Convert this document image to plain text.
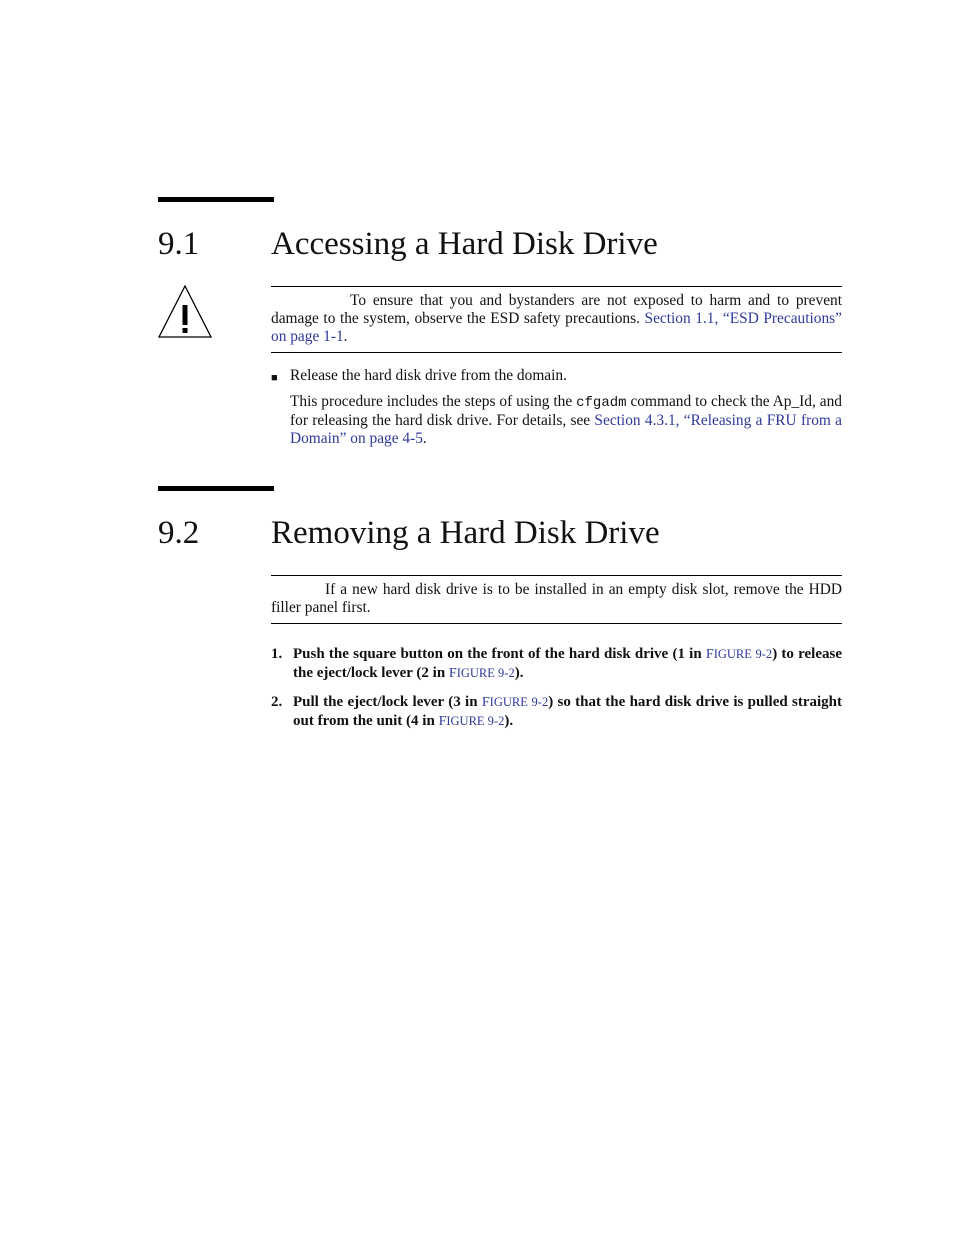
9.1 Accessing a Hard Disk Drive
To ensure that you and bystanders are not exposed to harm and to prevent damage to the system, observe the ESD safety precautions. Section 1.1, “ESD Precautions” on page 1-1.
■ Release the hard disk drive from the domain.
This procedure includes the steps of using the cfgadm command to check the Ap_Id, and for releasing the hard disk drive. For details, see Section 4.3.1, “Releasing a FRU from a Domain” on page 4-5.
9.2 Removing a Hard Disk Drive
If a new hard disk drive is to be installed in an empty disk slot, remove the HDD filler panel first.
1. Push the square button on the front of the hard disk drive (1 in FIGURE 9-2) to release the eject/lock lever (2 in FIGURE 9-2).
2. Pull the eject/lock lever (3 in FIGURE 9-2) so that the hard disk drive is pulled straight out from the unit (4 in FIGURE 9-2).
